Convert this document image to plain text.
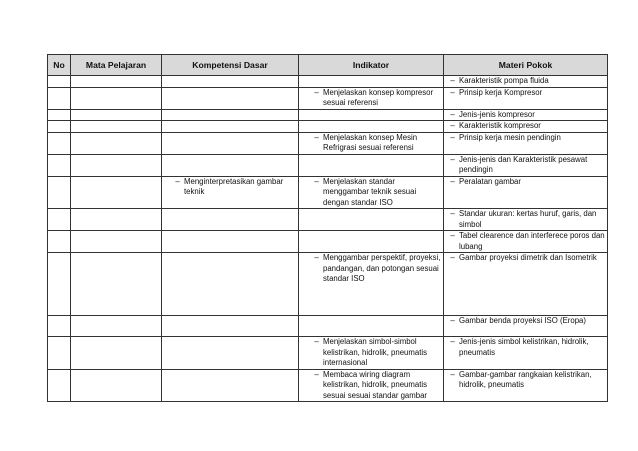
No	Mata Pelajaran	Kompetensi Dasar	Indikator	Materi Pokok

				– Karakteristik pompa fluida

			– Menjelaskan konsep kompresor sesuai referensi	– Prinsip kerja Kompresor

				– Jenis-jenis kompresor

				– Karakteristik kompresor

			– Menjelaskan konsep Mesin Refrigrasi sesuai referensi	– Prinsip kerja mesin pendingin

				– Jenis-jenis dan Karakteristik pesawat pendingin

		– Menginterpretasikan gambar teknik	– Menjelaskan standar menggambar teknik sesuai dengan standar ISO	– Peralatan gambar

				– Standar ukuran: kertas huruf, garis, dan simbol

				– Tabel clearence dan interferece poros dan lubang

			– Menggambar perspektif, proyeksi, pandangan, dan potongan sesuai standar ISO	– Gambar proyeksi dimetrik dan Isometrik

				– Gambar benda proyeksi ISO (Eropa)

			– Menjelaskan simbol-simbol kelistrikan, hidrolik, pneumatis internasional	– Jenis-jenis simbol kelistrikan, hidrolik, pneumatis

			– Membaca wiring diagram kelistrikan, hidrolik, pneumatis sesuai sesuai standar gambar	– Gambar-gambar rangkaian kelistrikan, hidrolik, pneumatis
